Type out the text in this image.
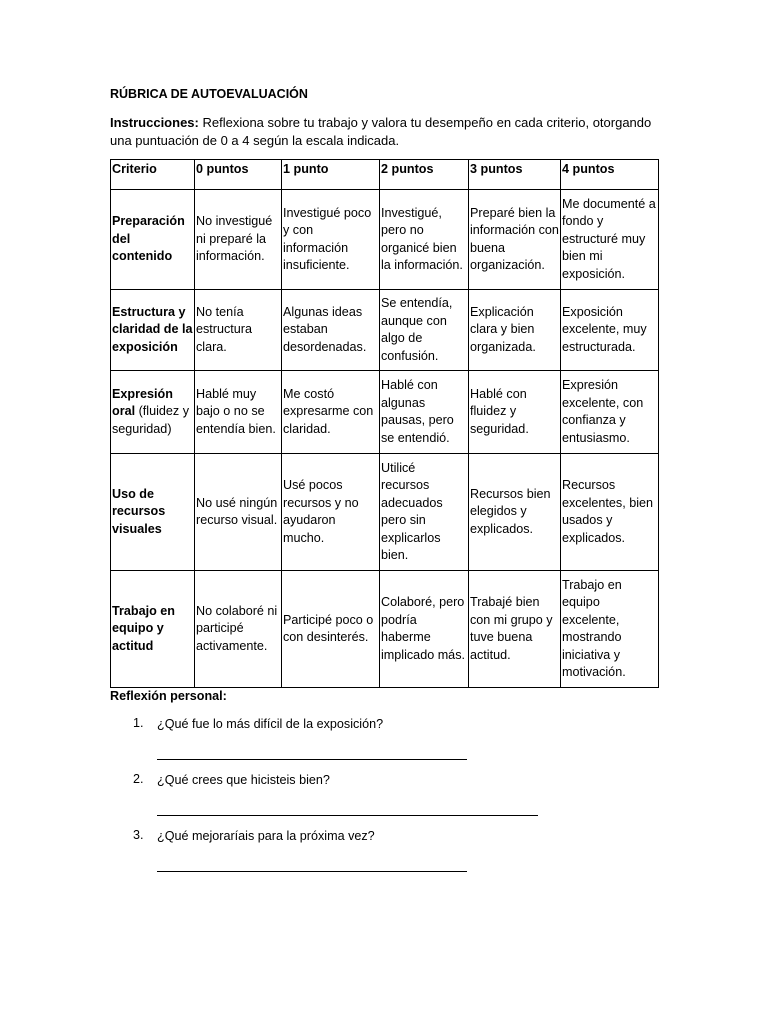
RÚBRICA DE AUTOEVALUACIÓN

Instrucciones: Reflexiona sobre tu trabajo y valora tu desempeño en cada criterio, otorgando una puntuación de 0 a 4 según la escala indicada.

Criterio	0 puntos	1 punto	2 puntos	3 puntos	4 puntos
Preparación del contenido	No investigué ni preparé la información.	Investigué poco y con información insuficiente.	Investigué, pero no organicé bien la información.	Preparé bien la información con buena organización.	Me documenté a fondo y estructuré muy bien mi exposición.
Estructura y claridad de la exposición	No tenía estructura clara.	Algunas ideas estaban desordenadas.	Se entendía, aunque con algo de confusión.	Explicación clara y bien organizada.	Exposición excelente, muy estructurada.
Expresión oral (fluidez y seguridad)	Hablé muy bajo o no se entendía bien.	Me costó expresarme con claridad.	Hablé con algunas pausas, pero se entendió.	Hablé con fluidez y seguridad.	Expresión excelente, con confianza y entusiasmo.
Uso de recursos visuales	No usé ningún recurso visual.	Usé pocos recursos y no ayudaron mucho.	Utilicé recursos adecuados pero sin explicarlos bien.	Recursos bien elegidos y explicados.	Recursos excelentes, bien usados y explicados.
Trabajo en equipo y actitud	No colaboré ni participé activamente.	Participé poco o con desinterés.	Colaboré, pero podría haberme implicado más.	Trabajé bien con mi grupo y tuve buena actitud.	Trabajo en equipo excelente, mostrando iniciativa y motivación.

Reflexión personal:

1. ¿Qué fue lo más difícil de la exposición?
2. ¿Qué crees que hicisteis bien?
3. ¿Qué mejoraríais para la próxima vez?
